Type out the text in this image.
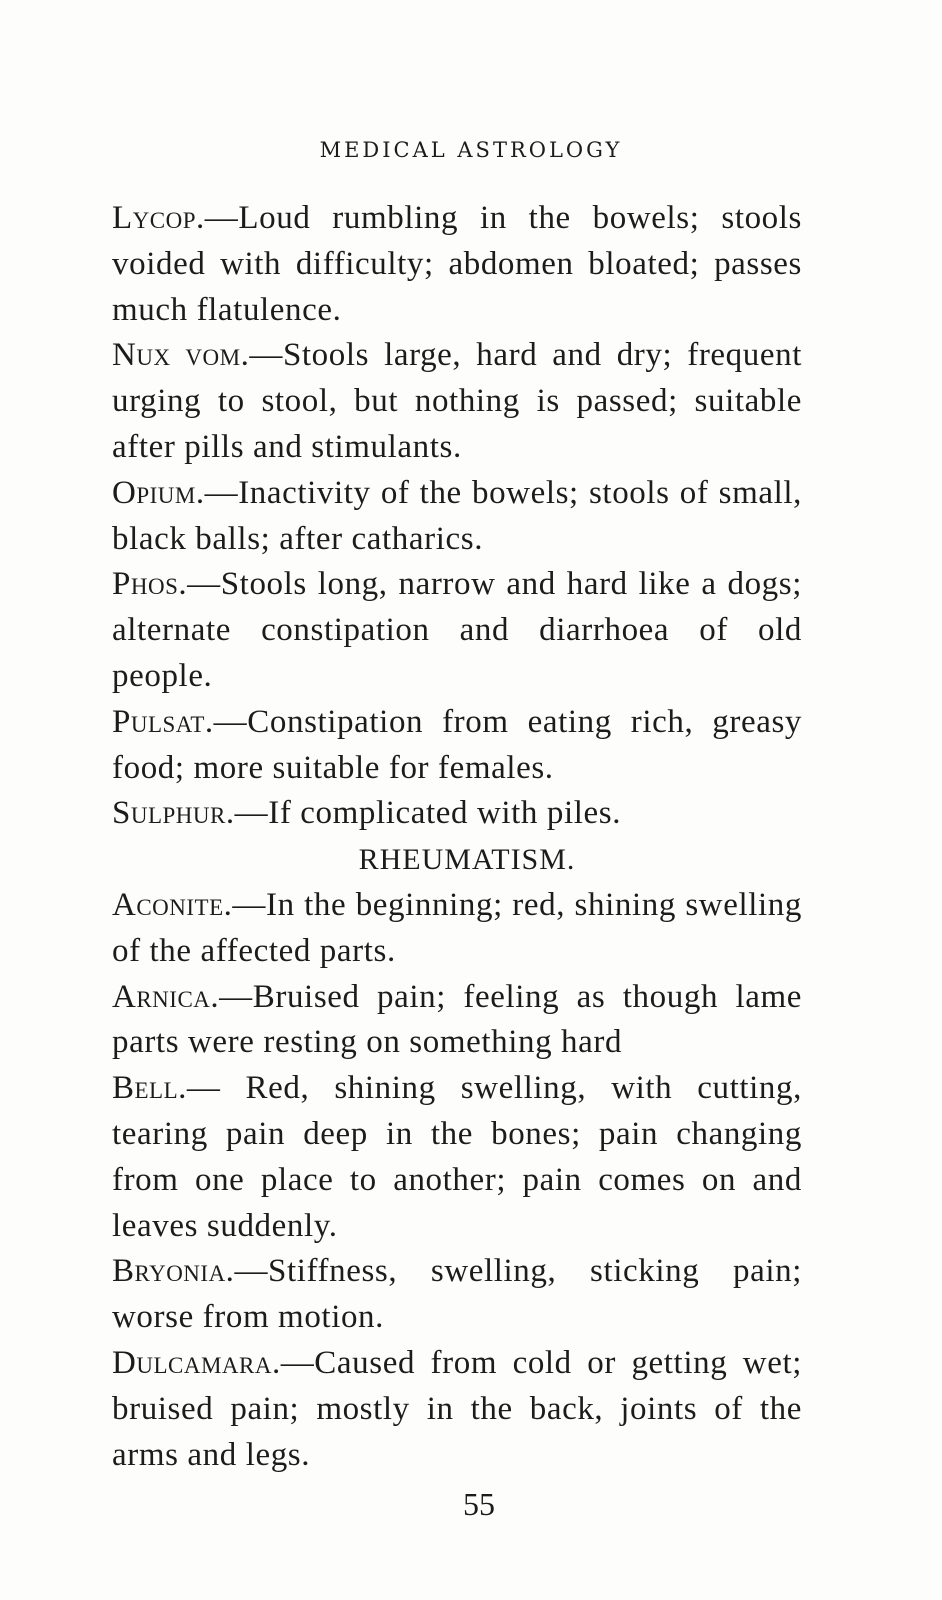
MEDICAL ASTROLOGY

Lycop.—Loud rumbling in the bowels; stools voided with difficulty; abdomen bloated; passes much flatulence.

Nux vom.—Stools large, hard and dry; frequent urging to stool, but nothing is passed; suitable after pills and stimulants.

Opium.—Inactivity of the bowels; stools of small, black balls; after catharics.

Phos.—Stools long, narrow and hard like a dogs; alternate constipation and diarrhoea of old people.

Pulsat.—Constipation from eating rich, greasy food; more suitable for females.

Sulphur.—If complicated with piles.

RHEUMATISM.

Aconite.—In the beginning; red, shining swelling of the affected parts.

Arnica.—Bruised pain; feeling as though lame parts were resting on something hard

Bell.— Red, shining swelling, with cutting, tearing pain deep in the bones; pain changing from one place to another; pain comes on and leaves suddenly.

Bryonia.—Stiffness, swelling, sticking pain; worse from motion.

Dulcamara.—Caused from cold or getting wet; bruised pain; mostly in the back, joints of the arms and legs.

55
